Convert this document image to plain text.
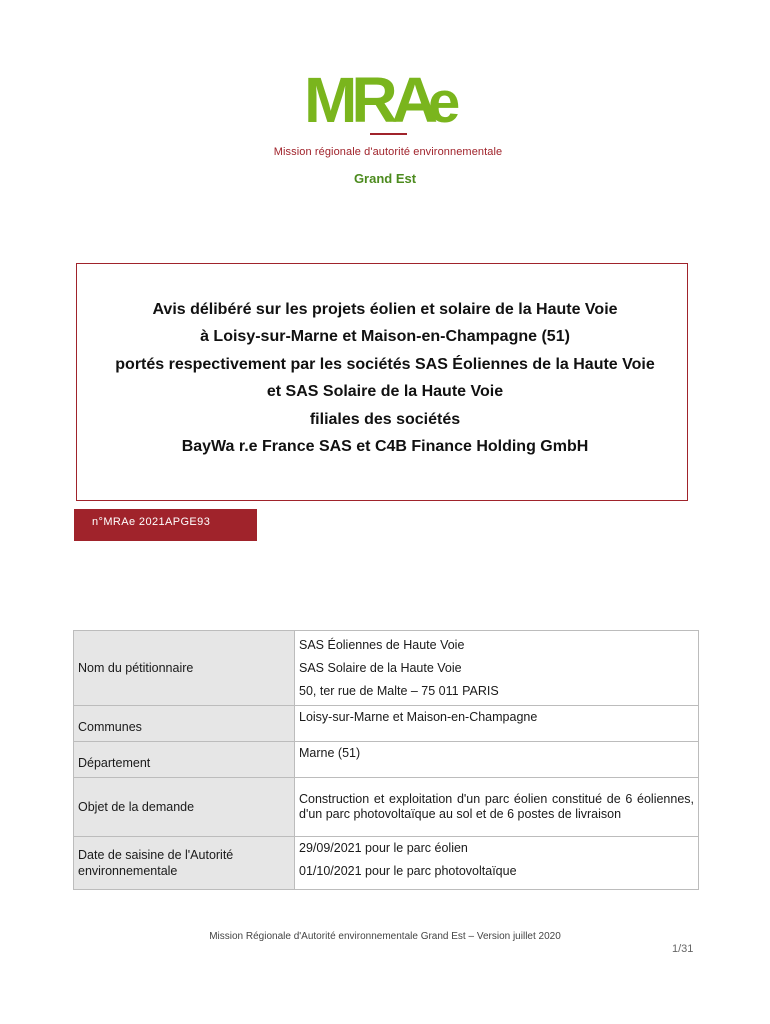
MRA
e
Mission régionale d'autorité environnementale
Grand Est
Avis délibéré sur les projets éolien et solaire de la Haute Voie
à Loisy-sur-Marne et Maison-en-Champagne (51)
portés respectivement par les sociétés SAS Éoliennes de la Haute Voie
et SAS Solaire de la Haute Voie
filiales des sociétés
BayWa r.e France SAS et C4B Finance Holding GmbH
n°MRAe 2021APGE93
Nom du pétitionnaire	SAS Éoliennes de Haute Voie
SAS Solaire de la Haute Voie
50, ter rue de Malte – 75 011 PARIS

Communes	Loisy-sur-Marne et Maison-en-Champagne
Département	Marne (51)
Objet de la demande	Construction et exploitation d'un parc éolien constitué de 6 éoliennes, d'un parc photovoltaïque au sol et de 6 postes de livraison
Date de saisine de l'Autorité environnementale	29/09/2021 pour le parc éolien
01/10/2021 pour le parc photovoltaïque
Mission Régionale d'Autorité environnementale Grand Est – Version juillet 2020
1/31
